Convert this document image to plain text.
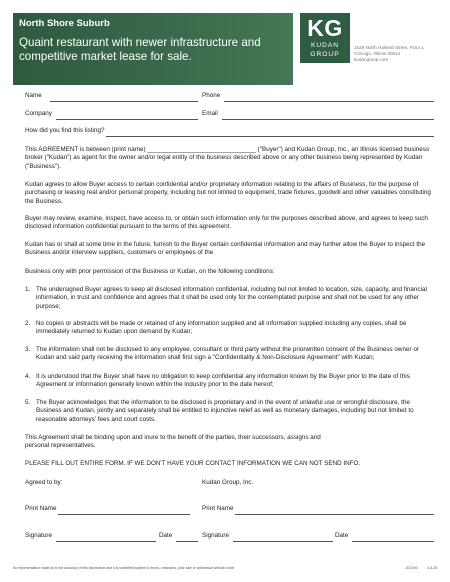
North Shore Suburb
Quaint restaurant with newer infrastructure and competitive market lease for sale.
KG
KUDAN
GROUP
1629 North Halsted Street, Floor 1
Chicago, Illinois 60614
kudangroup.com
Name	Phone
Company	Email
How did you find this listing?
This AGREEMENT is between (print name) _______________________________ ("Buyer") and Kudan Group, Inc., an Illinois licensed business broker ("Kudan") as agent for the owner and/or legal entity of the business described above or any other business being represented by Kudan ("Business").
Kudan agrees to allow Buyer access to certain confidential and/or proprietary information relating to the affairs of Business, for the purpose of purchasing or leasing real and/or personal property, including but not limited to equipment, trade fixtures, goodwill and other valuables constituting the Business.
Buyer may review, examine, inspect, have access to, or obtain such information only for the purposes described above, and agrees to keep such disclosed information confidential pursuant to the terms of this agreement.
Kudan has or shall at some time in the future, furnish to the Buyer certain confidential information and may further allow the Buyer to inspect the Business and/or interview suppliers, customers or employees of the
Business only with prior permission of the Business or Kudan, on the following conditions:
1. The undersigned Buyer agrees to keep all disclosed information confidential, including but not limited to location, size, capacity, and financial information, in trust and confidence and agrees that it shall be used only for the contemplated purpose and shall not be used for any other purpose;
2. No copies or abstracts will be made or retained of any information supplied and all information supplied including any copies, shall be immediately returned to Kudan upon demand by Kudan;
3. The information shall not be disclosed to any employee, consultant or third party without the priorwritten consent of the Business owner or Kudan and said party receiving the information shall first sign a "Confidentiality & Non-Disclosure Agreement" with Kudan;
4. It is understood that the Buyer shall have no obligation to keep confidential any information known by the Buyer prior to the date of this Agreement or information generally known within the industry prior to the date hereof;
5. The Buyer acknowledges that the information to be disclosed is proprietary and in the event of unlawful use or wrongful disclosure, the Business and Kudan, jointly and separately shall be entitled to injunctive relief as well as monetary damages, including but not limited to reasonable attorneys' fees and court costs.
This Agreement shall be binding upon and inure to the benefit of the parties, their successors, assigns and personal representatives.
PLEASE FILL OUT ENTIRE FORM. IF WE DON'T HAVE YOUR CONTACT INFORMATION WE CAN NOT SEND INFO.
Agreed to by:	Kudan Group, Inc.
Print Name	Print Name
Signature	Date	Signature	Date
No representation made as to the accuracy of this information and it is submitted subject to errors, omissions, prior sale or withdrawal without notice	JG1093	3-4-25
